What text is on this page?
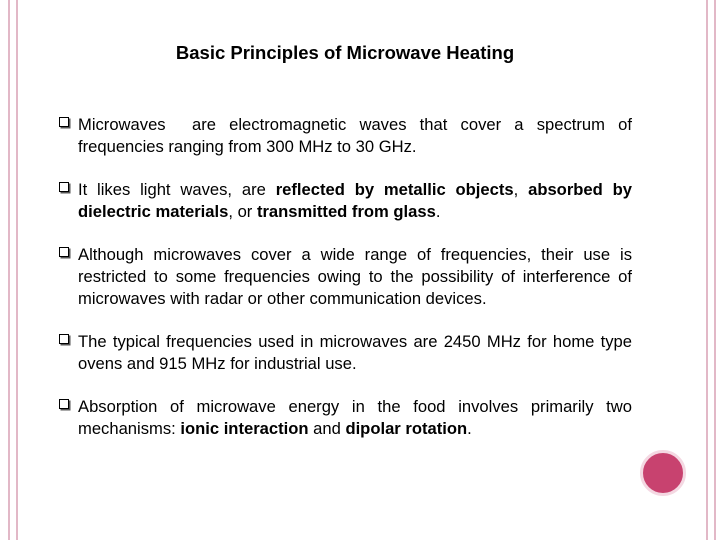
Basic Principles of Microwave Heating
Microwaves  are electromagnetic waves that cover a spectrum of frequencies ranging from 300 MHz to 30 GHz.
It likes light waves, are reflected by metallic objects, absorbed by dielectric materials, or transmitted from glass.
Although microwaves cover a wide range of frequencies, their use is restricted to some frequencies owing to the possibility of interference of microwaves with radar or other communication devices.
The typical frequencies used in microwaves are 2450 MHz for home type ovens and 915 MHz for industrial use.
Absorption of microwave energy in the food involves primarily two mechanisms: ionic interaction and dipolar rotation.
